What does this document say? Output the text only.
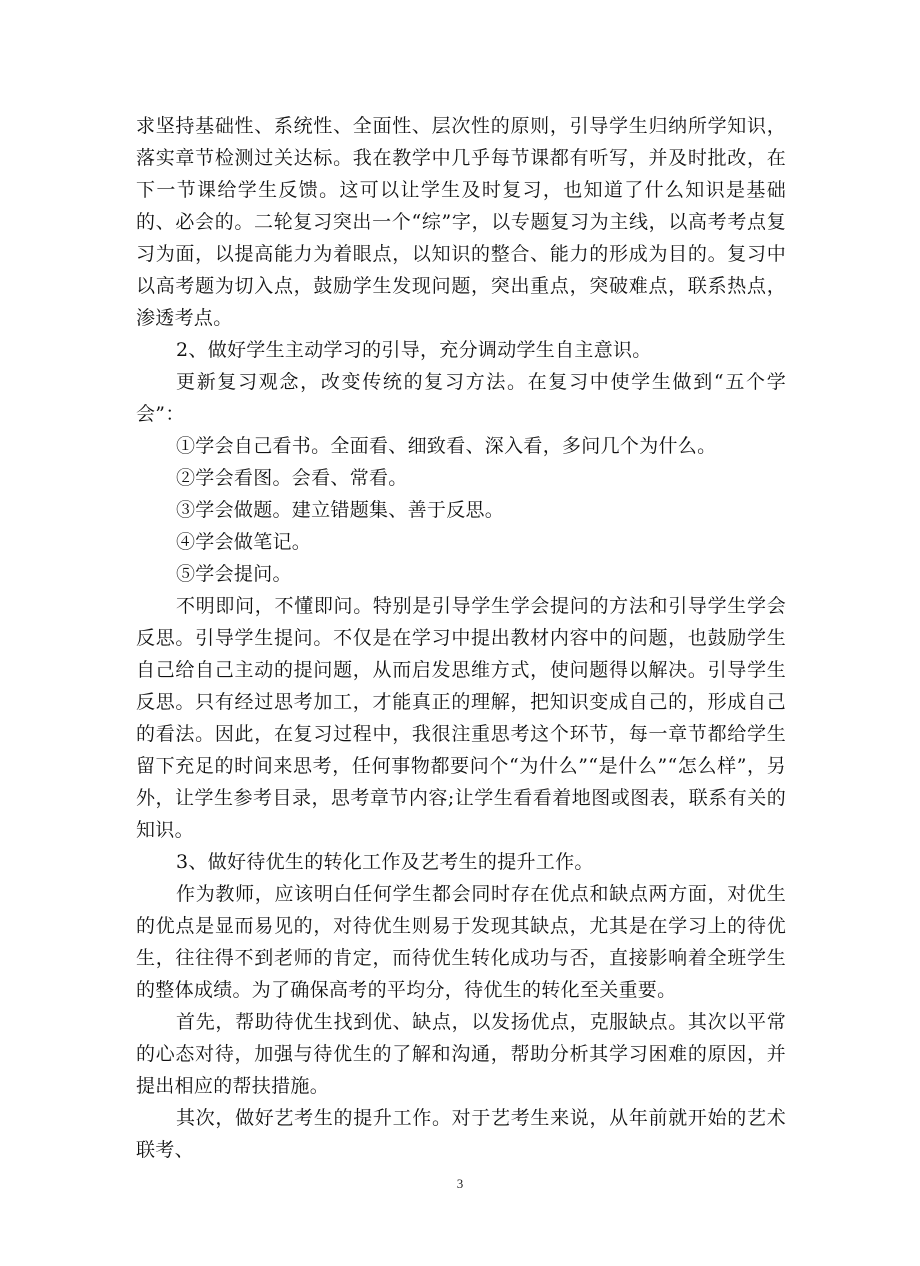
求坚持基础性、系统性、全面性、层次性的原则，引导学生归纳所学知识，落实章节检测过关达标。我在教学中几乎每节课都有听写，并及时批改，在下一节课给学生反馈。这可以让学生及时复习，也知道了什么知识是基础的、必会的。二轮复习突出一个“综”字，以专题复习为主线，以高考考点复习为面，以提高能力为着眼点，以知识的整合、能力的形成为目的。复习中以高考题为切入点，鼓励学生发现问题，突出重点，突破难点，联系热点，渗透考点。

2、做好学生主动学习的引导，充分调动学生自主意识。

更新复习观念，改变传统的复习方法。在复习中使学生做到“五个学会”：

①学会自己看书。全面看、细致看、深入看，多问几个为什么。

②学会看图。会看、常看。

③学会做题。建立错题集、善于反思。

④学会做笔记。

⑤学会提问。

不明即问，不懂即问。特别是引导学生学会提问的方法和引导学生学会反思。引导学生提问。不仅是在学习中提出教材内容中的问题，也鼓励学生自己给自己主动的提问题，从而启发思维方式，使问题得以解决。引导学生反思。只有经过思考加工，才能真正的理解，把知识变成自己的，形成自己的看法。因此，在复习过程中，我很注重思考这个环节，每一章节都给学生留下充足的时间来思考，任何事物都要问个“为什么”“是什么”“怎么样”，另外，让学生参考目录，思考章节内容;让学生看看着地图或图表，联系有关的知识。

3、做好待优生的转化工作及艺考生的提升工作。

作为教师，应该明白任何学生都会同时存在优点和缺点两方面，对优生的优点是显而易见的，对待优生则易于发现其缺点，尤其是在学习上的待优生，往往得不到老师的肯定，而待优生转化成功与否，直接影响着全班学生的整体成绩。为了确保高考的平均分，待优生的转化至关重要。

首先，帮助待优生找到优、缺点，以发扬优点，克服缺点。其次以平常的心态对待，加强与待优生的了解和沟通，帮助分析其学习困难的原因，并提出相应的帮扶措施。

其次，做好艺考生的提升工作。对于艺考生来说，从年前就开始的艺术联考、

3
